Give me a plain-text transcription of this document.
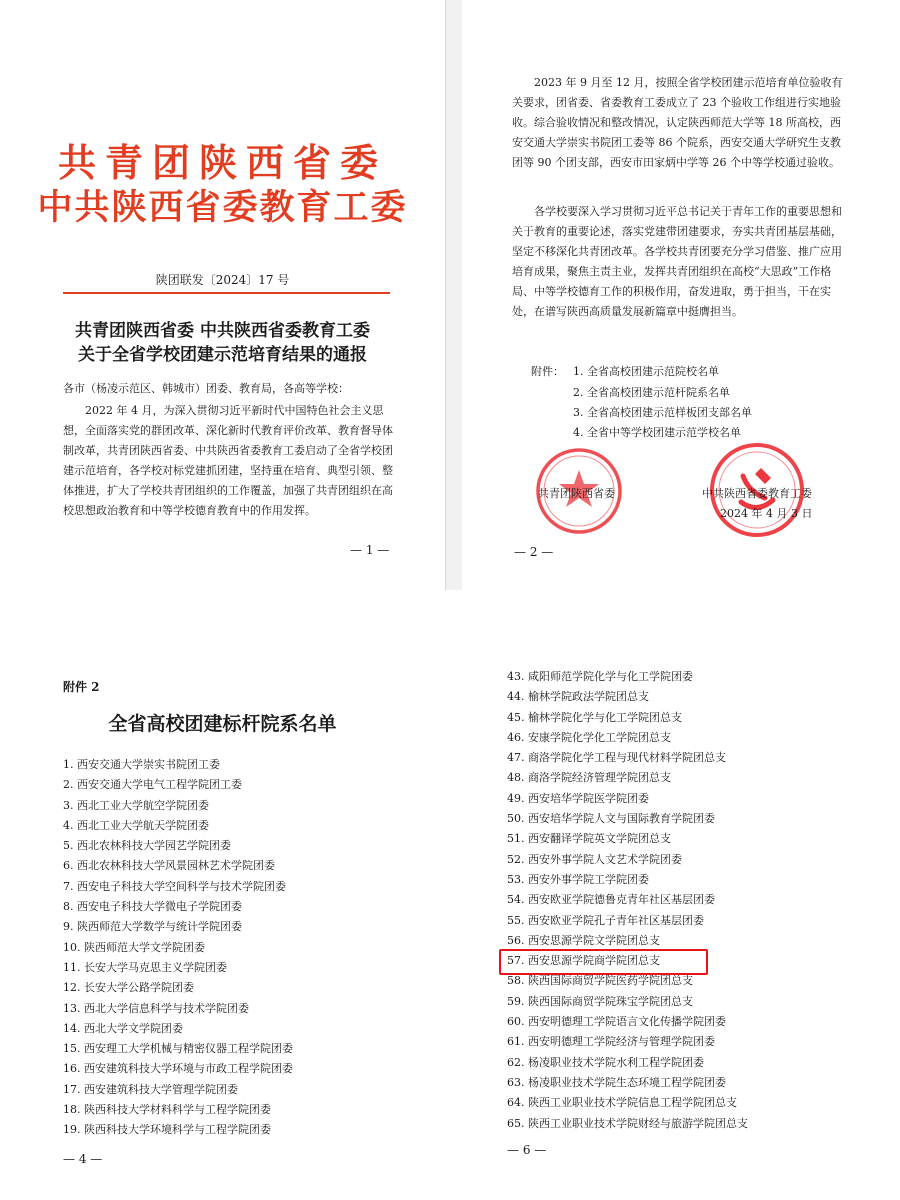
共青团陕西省委
中共陕西省委教育工委
陕团联发〔2024〕17 号
共青团陕西省委 中共陕西省委教育工委
关于全省学校团建示范培育结果的通报
各市（杨凌示范区、韩城市）团委、教育局，各高等学校：
2022 年 4 月，为深入贯彻习近平新时代中国特色社会主义思想，全面落实党的群团改革、深化新时代教育评价改革、教育督导体制改革，共青团陕西省委、中共陕西省委教育工委启动了全省学校团建示范培育，各学校对标党建抓团建，坚持重在培育、典型引领、整体推进，扩大了学校共青团组织的工作覆盖，加强了共青团组织在高校思想政治教育和中等学校德育教育中的作用发挥。
— 1 —
2023 年 9 月至 12 月，按照全省学校团建示范培育单位验收有关要求，团省委、省委教育工委成立了 23 个验收工作组进行实地验收。综合验收情况和整改情况，认定陕西师范大学等 18 所高校，西安交通大学崇实书院团工委等 86 个院系，西安交通大学研究生支教团等 90 个团支部，西安市田家炳中学等 26 个中等学校通过验收。
各学校要深入学习贯彻习近平总书记关于青年工作的重要思想和关于教育的重要论述，落实党建带团建要求，夯实共青团基层基础，坚定不移深化共青团改革。各学校共青团要充分学习借鉴、推广应用培育成果，聚焦主责主业，发挥共青团组织在高校“大思政”工作格局、中等学校德育工作的积极作用，奋发进取，勇于担当，干在实处，在谱写陕西高质量发展新篇章中挺膺担当。
附件： 1. 全省高校团建示范院校名单
2. 全省高校团建示范杆院系名单
3. 全省高校团建示范样板团支部名单
4. 全省中等学校团建示范学校名单
共青团陕西省委	中共陕西省委教育工委
2024 年 4 月 3 日
— 2 —
附件 2
全省高校团建标杆院系名单
1. 西安交通大学崇实书院团工委
2. 西安交通大学电气工程学院团工委
3. 西北工业大学航空学院团委
4. 西北工业大学航天学院团委
5. 西北农林科技大学园艺学院团委
6. 西北农林科技大学风景园林艺术学院团委
7. 西安电子科技大学空间科学与技术学院团委
8. 西安电子科技大学微电子学院团委
9. 陕西师范大学数学与统计学院团委
10. 陕西师范大学文学院团委
11. 长安大学马克思主义学院团委
12. 长安大学公路学院团委
13. 西北大学信息科学与技术学院团委
14. 西北大学文学院团委
15. 西安理工大学机械与精密仪器工程学院团委
16. 西安建筑科技大学环境与市政工程学院团委
17. 西安建筑科技大学管理学院团委
18. 陕西科技大学材料科学与工程学院团委
19. 陕西科技大学环境科学与工程学院团委
— 4 —
43. 咸阳师范学院化学与化工学院团委
44. 榆林学院政法学院团总支
45. 榆林学院化学与化工学院团总支
46. 安康学院化学化工学院团总支
47. 商洛学院化学工程与现代材料学院团总支
48. 商洛学院经济管理学院团总支
49. 西安培华学院医学院团委
50. 西安培华学院人文与国际教育学院团委
51. 西安翻译学院英文学院团总支
52. 西安外事学院人文艺术学院团委
53. 西安外事学院工学院团委
54. 西安欧亚学院德鲁克青年社区基层团委
55. 西安欧亚学院孔子青年社区基层团委
56. 西安思源学院文学院团总支
57. 西安思源学院商学院团总支
58. 陕西国际商贸学院医药学院团总支
59. 陕西国际商贸学院珠宝学院团总支
60. 西安明德理工学院语言文化传播学院团委
61. 西安明德理工学院经济与管理学院团委
62. 杨凌职业技术学院水利工程学院团委
63. 杨凌职业技术学院生态环境工程学院团委
64. 陕西工业职业技术学院信息工程学院团总支
65. 陕西工业职业技术学院财经与旅游学院团总支
— 6 —
